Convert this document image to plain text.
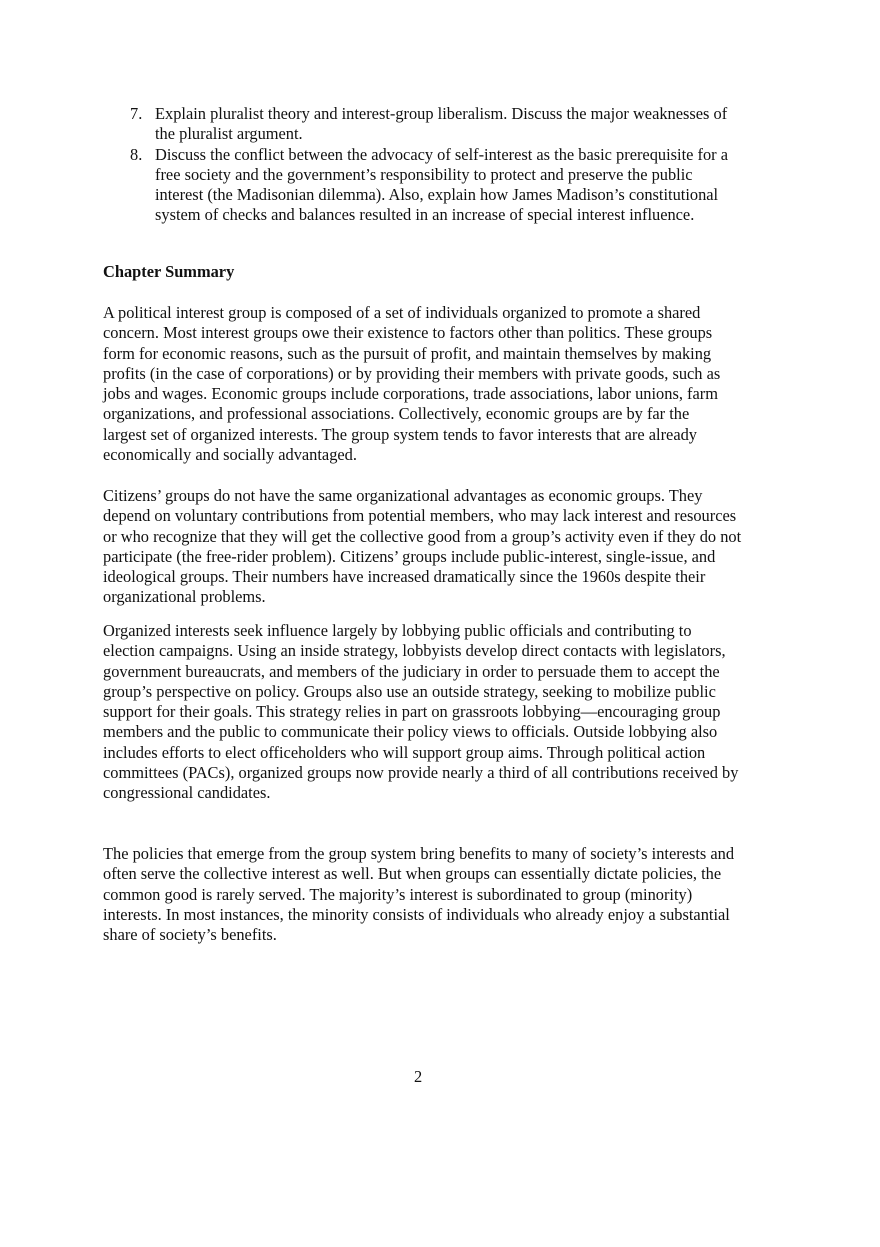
7. Explain pluralist theory and interest-group liberalism. Discuss the major weaknesses of
the pluralist argument.
8. Discuss the conflict between the advocacy of self-interest as the basic prerequisite for a
free society and the government’s responsibility to protect and preserve the public
interest (the Madisonian dilemma). Also, explain how James Madison’s constitutional
system of checks and balances resulted in an increase of special interest influence.
Chapter Summary
A political interest group is composed of a set of individuals organized to promote a shared
concern. Most interest groups owe their existence to factors other than politics. These groups
form for economic reasons, such as the pursuit of profit, and maintain themselves by making
profits (in the case of corporations) or by providing their members with private goods, such as
jobs and wages. Economic groups include corporations, trade associations, labor unions, farm
organizations, and professional associations. Collectively, economic groups are by far the
largest set of organized interests. The group system tends to favor interests that are already
economically and socially advantaged.
Citizens’ groups do not have the same organizational advantages as economic groups. They
depend on voluntary contributions from potential members, who may lack interest and resources
or who recognize that they will get the collective good from a group’s activity even if they do not
participate (the free-rider problem). Citizens’ groups include public-interest, single-issue, and
ideological groups. Their numbers have increased dramatically since the 1960s despite their
organizational problems.
Organized interests seek influence largely by lobbying public officials and contributing to
election campaigns. Using an inside strategy, lobbyists develop direct contacts with legislators,
government bureaucrats, and members of the judiciary in order to persuade them to accept the
group’s perspective on policy. Groups also use an outside strategy, seeking to mobilize public
support for their goals. This strategy relies in part on grassroots lobbying—encouraging group
members and the public to communicate their policy views to officials. Outside lobbying also
includes efforts to elect officeholders who will support group aims. Through political action
committees (PACs), organized groups now provide nearly a third of all contributions received by
congressional candidates.
The policies that emerge from the group system bring benefits to many of society’s interests and
often serve the collective interest as well. But when groups can essentially dictate policies, the
common good is rarely served. The majority’s interest is subordinated to group (minority)
interests. In most instances, the minority consists of individuals who already enjoy a substantial
share of society’s benefits.
2
